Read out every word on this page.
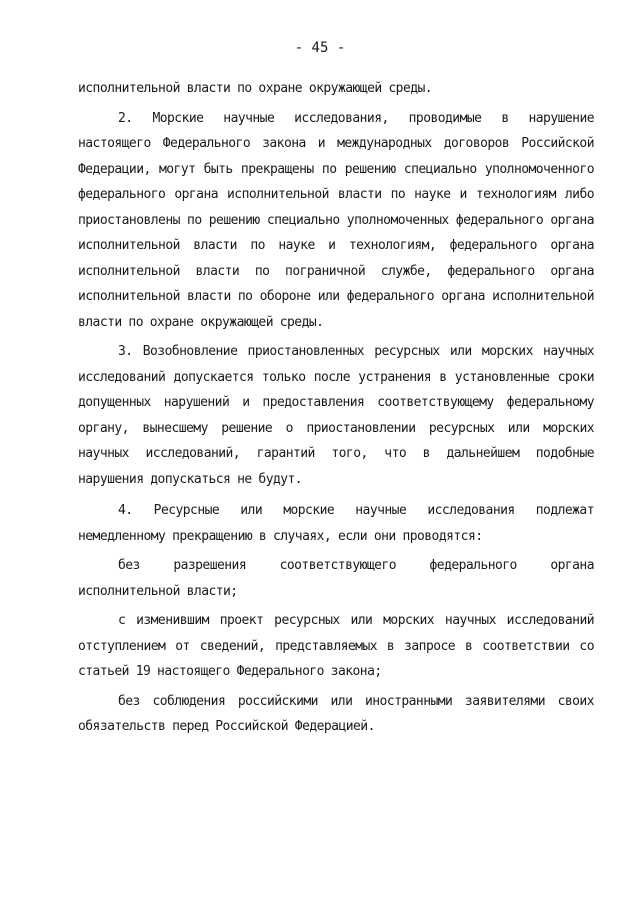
- 45 -

исполнительной власти по охране окружающей среды.

2. Морские научные исследования, проводимые в нарушение настоящего Федерального закона и международных договоров Российской Федерации, могут быть прекращены по решению специально уполномоченного федерального органа исполнительной власти по науке и технологиям либо приостановлены по решению специально уполномоченных федерального органа исполнительной власти по науке и технологиям, федерального органа исполнительной власти по пограничной службе, федерального органа исполнительной власти по обороне или федерального органа исполнительной власти по охране окружающей среды.

3. Возобновление приостановленных ресурсных или морских научных исследований допускается только после устранения в установленные сроки допущенных нарушений и предоставления соответствующему федеральному органу, вынесшему решение о приостановлении ресурсных или морских научных исследований, гарантий того, что в дальнейшем подобные нарушения допускаться не будут.

4. Ресурсные или морские научные исследования подлежат немедленному прекращению в случаях, если они проводятся:

без разрешения соответствующего федерального органа исполнительной власти;

с изменившим проект ресурсных или морских научных исследований отступлением от сведений, представляемых в запросе в соответствии со статьей 19 настоящего Федерального закона;

без соблюдения российскими или иностранными заявителями своих обязательств перед Российской Федерацией.
